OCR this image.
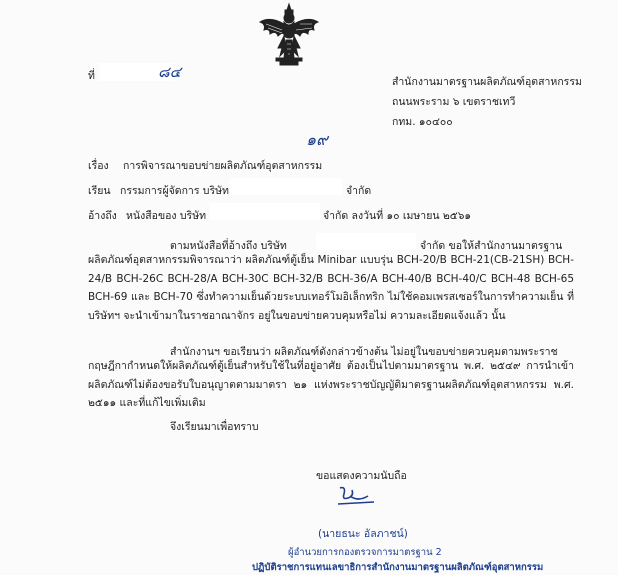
ที่	๘๔
สำนักงานมาตรฐานผลิตภัณฑ์อุตสาหกรรม
ถนนพระราม ๖ เขตราชเทวี
กทม. ๑๐๔๐๐
๑๙
เรื่อง การพิจารณาขอบข่ายผลิตภัณฑ์อุตสาหกรรม
เรียน กรรมการผู้จัดการ บริษัท	จำกัด
อ้างถึง หนังสือของ บริษัท	จำกัด ลงวันที่ ๑๐ เมษายน ๒๕๖๑
ตามหนังสือที่อ้างถึง บริษัท	จำกัด ขอให้สำนักงานมาตรฐาน
ผลิตภัณฑ์อุตสาหกรรมพิจารณาว่า ผลิตภัณฑ์ตู้เย็น Minibar แบบรุ่น BCH-20/B BCH-21(CB-21SH) BCH-24/B BCH-26C BCH-28/A BCH-30C BCH-32/B BCH-36/A BCH-40/B BCH-40/C BCH-48 BCH-65 BCH-69 และ BCH-70 ซึ่งทำความเย็นด้วยระบบเทอร์โมอิเล็กทริก ไม่ใช้คอมเพรสเซอร์ในการทำความเย็น ที่บริษัทฯ จะนำเข้ามาในราชอาณาจักร อยู่ในขอบข่ายควบคุมหรือไม่ ความละเอียดแจ้งแล้ว นั้น
สำนักงานฯ ขอเรียนว่า ผลิตภัณฑ์ดังกล่าวข้างต้น ไม่อยู่ในขอบข่ายควบคุมตามพระราช
กฤษฎีกากำหนดให้ผลิตภัณฑ์ตู้เย็นสำหรับใช้ในที่อยู่อาศัย ต้องเป็นไปตามมาตรฐาน พ.ศ. ๒๕๔๙ การนำเข้าผลิตภัณฑ์ไม่ต้องขอรับใบอนุญาตตามมาตรา ๒๑ แห่งพระราชบัญญัติมาตรฐานผลิตภัณฑ์อุตสาหกรรม พ.ศ. ๒๕๑๑ และที่แก้ไขเพิ่มเติม
จึงเรียนมาเพื่อทราบ
ขอแสดงความนับถือ
(นายธนะ อัลภาชน์)
ผู้อำนวยการกองตรวจการมาตรฐาน 2
ปฏิบัติราชการแทนเลขาธิการสำนักงานมาตรฐานผลิตภัณฑ์อุตสาหกรรม
